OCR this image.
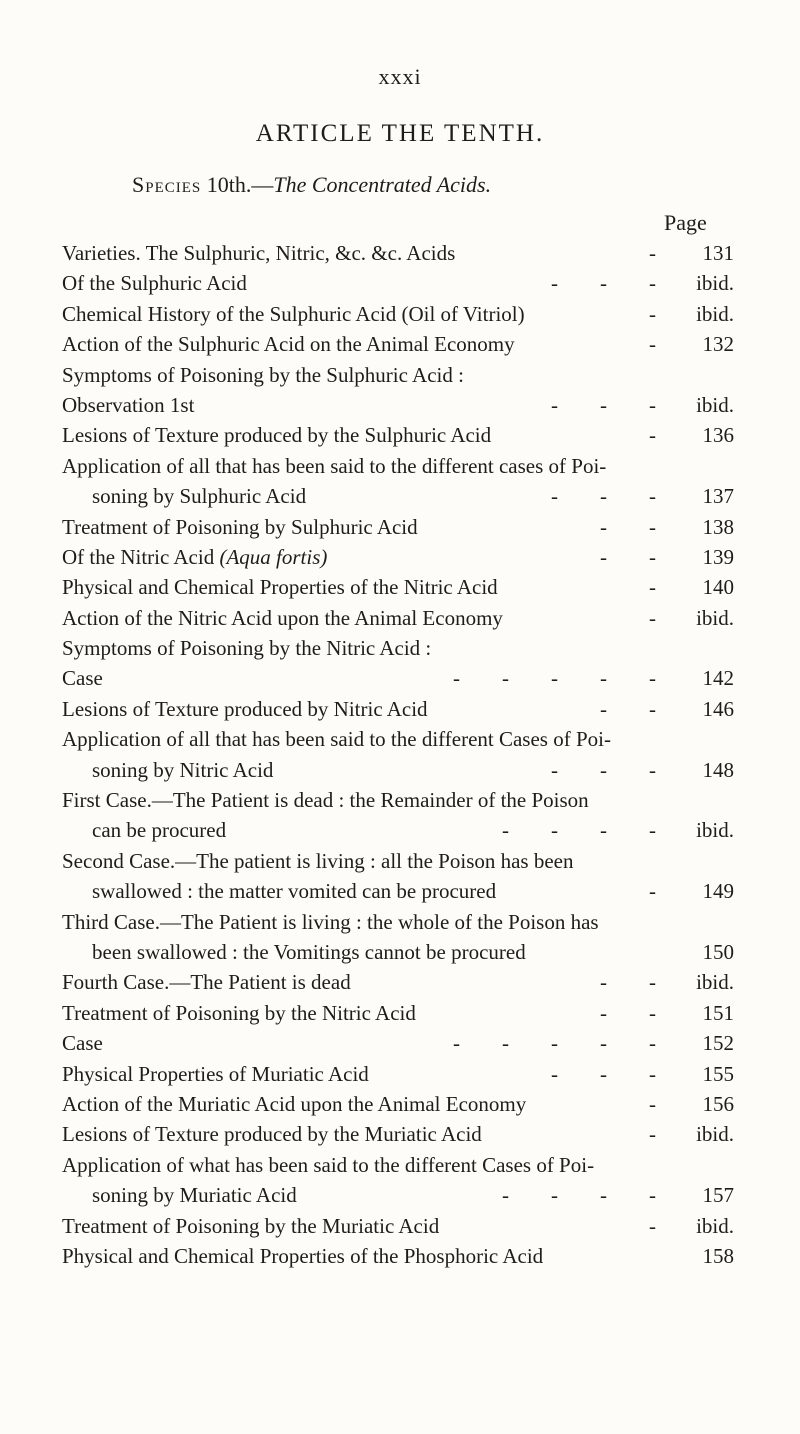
xxxi
ARTICLE THE TENTH.
Species 10th.—The Concentrated Acids.
Page
Varieties. The Sulphuric, Nitric, &c. &c. Acids	- 131
Of the Sulphuric Acid	-        -        - ibid.
Chemical History of the Sulphuric Acid (Oil of Vitriol)	- ibid.
Action of the Sulphuric Acid on the Animal Economy	- 132
Symptoms of Poisoning by the Sulphuric Acid :
Observation 1st	-        -        - ibid.
Lesions of Texture produced by the Sulphuric Acid	- 136
Application of all that has been said to the different cases of Poi-
soning by Sulphuric Acid	-        -        - 137
Treatment of Poisoning by Sulphuric Acid	-        - 138
Of the Nitric Acid (Aqua fortis)	-        - 139
Physical and Chemical Properties of the Nitric Acid	- 140
Action of the Nitric Acid upon the Animal Economy	- ibid.
Symptoms of Poisoning by the Nitric Acid :
Case	-        -        -        -        - 142
Lesions of Texture produced by Nitric Acid	-        - 146
Application of all that has been said to the different Cases of Poi-
soning by Nitric Acid	-        -        - 148
First Case.—The Patient is dead : the Remainder of the Poison
can be procured	-        -        -        - ibid.
Second Case.—The patient is living : all the Poison has been
swallowed : the matter vomited can be procured	- 149
Third Case.—The Patient is living : the whole of the Poison has
been swallowed : the Vomitings cannot be procured	150
Fourth Case.—The Patient is dead	-        - ibid.
Treatment of Poisoning by the Nitric Acid	-        - 151
Case	-        -        -        -        - 152
Physical Properties of Muriatic Acid	-        -        - 155
Action of the Muriatic Acid upon the Animal Economy	- 156
Lesions of Texture produced by the Muriatic Acid	- ibid.
Application of what has been said to the different Cases of Poi-
soning by Muriatic Acid	-        -        -        - 157
Treatment of Poisoning by the Muriatic Acid	- ibid.
Physical and Chemical Properties of the Phosphoric Acid	158
